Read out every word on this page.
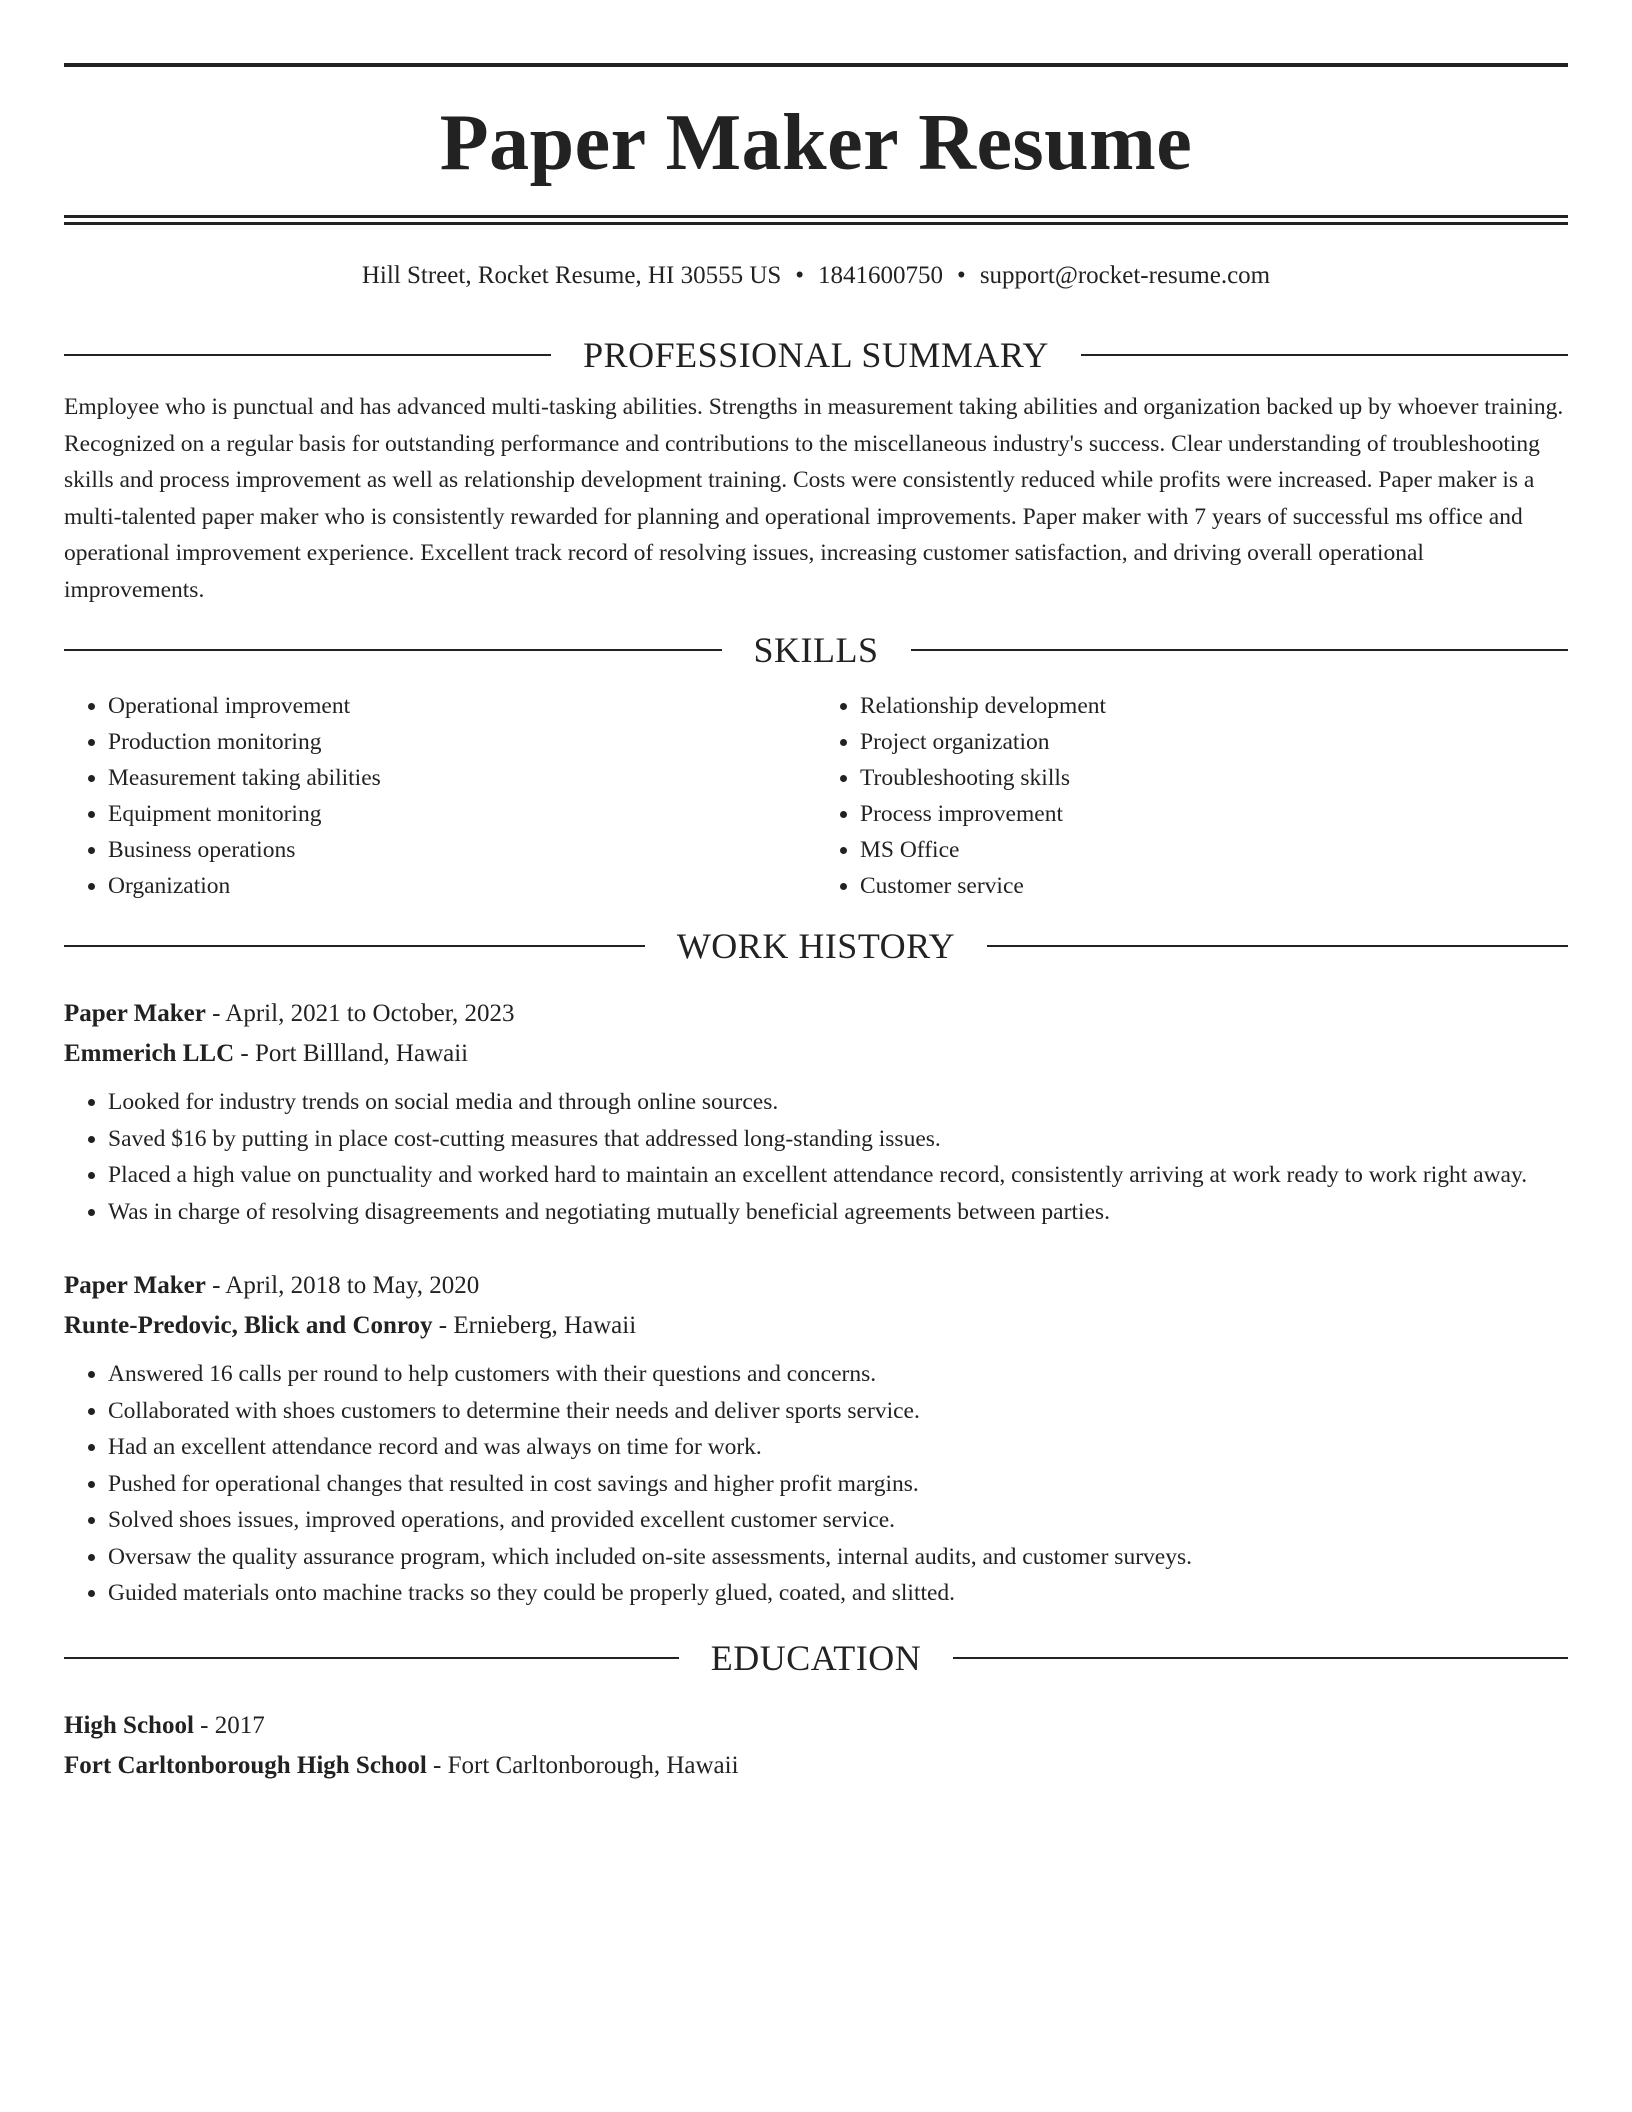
Paper Maker Resume
Hill Street, Rocket Resume, HI 30555 US • 1841600750 • support@rocket-resume.com
PROFESSIONAL SUMMARY
Employee who is punctual and has advanced multi-tasking abilities. Strengths in measurement taking abilities and organization backed up by whoever training. Recognized on a regular basis for outstanding performance and contributions to the miscellaneous industry's success. Clear understanding of troubleshooting skills and process improvement as well as relationship development training. Costs were consistently reduced while profits were increased. Paper maker is a multi-talented paper maker who is consistently rewarded for planning and operational improvements. Paper maker with 7 years of successful ms office and operational improvement experience. Excellent track record of resolving issues, increasing customer satisfaction, and driving overall operational improvements.
SKILLS
• Operational improvement
• Production monitoring
• Measurement taking abilities
• Equipment monitoring
• Business operations
• Organization
• Relationship development
• Project organization
• Troubleshooting skills
• Process improvement
• MS Office
• Customer service
WORK HISTORY
Paper Maker - April, 2021 to October, 2023
Emmerich LLC - Port Billland, Hawaii
• Looked for industry trends on social media and through online sources.
• Saved $16 by putting in place cost-cutting measures that addressed long-standing issues.
• Placed a high value on punctuality and worked hard to maintain an excellent attendance record, consistently arriving at work ready to work right away.
• Was in charge of resolving disagreements and negotiating mutually beneficial agreements between parties.
Paper Maker - April, 2018 to May, 2020
Runte-Predovic, Blick and Conroy - Ernieberg, Hawaii
• Answered 16 calls per round to help customers with their questions and concerns.
• Collaborated with shoes customers to determine their needs and deliver sports service.
• Had an excellent attendance record and was always on time for work.
• Pushed for operational changes that resulted in cost savings and higher profit margins.
• Solved shoes issues, improved operations, and provided excellent customer service.
• Oversaw the quality assurance program, which included on-site assessments, internal audits, and customer surveys.
• Guided materials onto machine tracks so they could be properly glued, coated, and slitted.
EDUCATION
High School - 2017
Fort Carltonborough High School - Fort Carltonborough, Hawaii
